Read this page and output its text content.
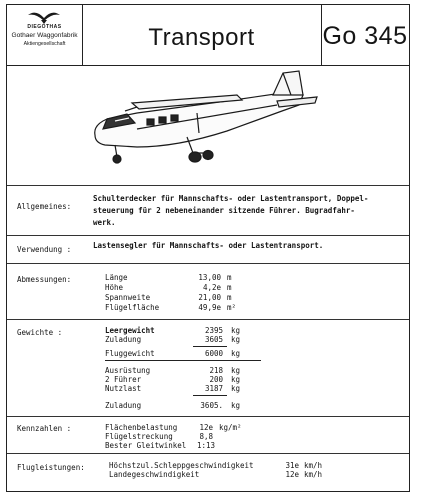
DIEGOTHAS
Gothaer Waggonfabrik
Aktiengesellschaft	Transport	Go 345
Allgemeines:
Schulterdecker für Mannschafts- oder Lastentransport, Doppel-
steuerung für 2 nebeneinander sitzende Führer. Bugradfahr-
werk.
Verwendung :	Lastensegler für Mannschafts- oder Lastentransport.
Abmessungen:	Länge	13,00 m
Höhe	4,2e m
Spannweite	21,00 m
Flügelfläche	49,9e m²
Gewichte :	Leergewicht	2395 kg
Zuladung	3605 kg
Fluggewicht	6000 kg
Ausrüstung	218 kg
2 Führer	200 kg
Nutzlast	3187 kg
Zuladung	3605. kg
Kennzahlen :	Flächenbelastung	12e kg/m²
Flügelstreckung	8,8
Bester Gleitwinkel	1:13
Flugleistungen:	Höchstzul.Schleppgeschwindigkeit	31e km/h
Landegeschwindigkeit	12e km/h
